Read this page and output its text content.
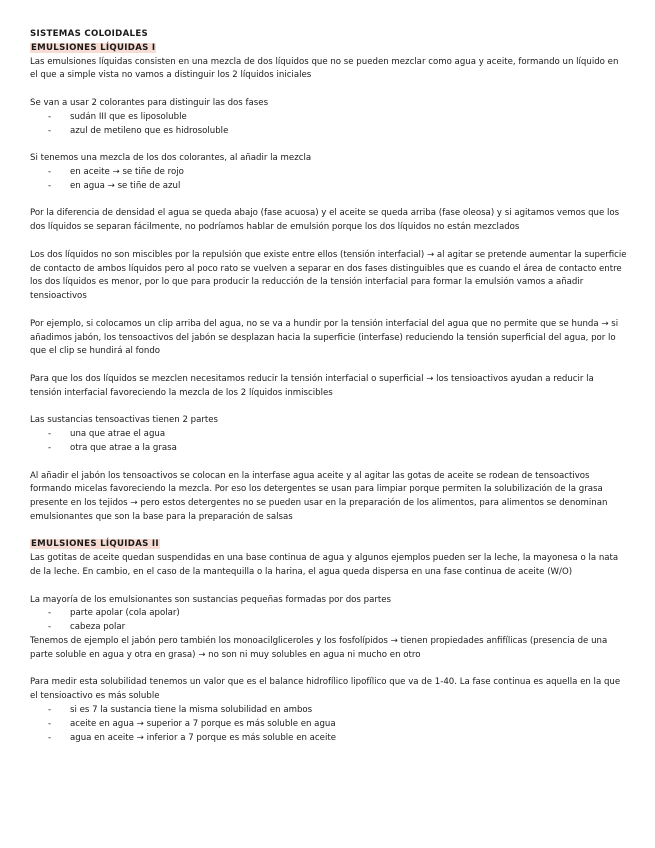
SISTEMAS COLOIDALES

EMULSIONES LÍQUIDAS I

Las emulsiones líquidas consisten en una mezcla de dos líquidos que no se pueden mezclar como agua y aceite, formando un líquido en el que a simple vista no vamos a distinguir los 2 líquidos iniciales

Se van a usar 2 colorantes para distinguir las dos fases

- sudán III que es liposoluble
- azul de metileno que es hidrosoluble

Si tenemos una mezcla de los dos colorantes, al añadir la mezcla

- en aceite → se tiñe de rojo
- en agua → se tiñe de azul

Por la diferencia de densidad el agua se queda abajo (fase acuosa) y el aceite se queda arriba (fase oleosa) y si agitamos vemos que los dos líquidos se separan fácilmente, no podríamos hablar de emulsión porque los dos líquidos no están mezclados

Los dos líquidos no son miscibles por la repulsión que existe entre ellos (tensión interfacial) → al agitar se pretende aumentar la superficie de contacto de ambos líquidos pero al poco rato se vuelven a separar en dos fases distinguibles que es cuando el área de contacto entre los dos líquidos es menor, por lo que para producir la reducción de la tensión interfacial para formar la emulsión vamos a añadir tensioactivos

Por ejemplo, si colocamos un clip arriba del agua, no se va a hundir por la tensión interfacial del agua que no permite que se hunda → si añadimos jabón, los tensoactivos del jabón se desplazan hacia la superficie (interfase) reduciendo la tensión superficial del agua, por lo que el clip se hundirá al fondo

Para que los dos líquidos se mezclen necesitamos reducir la tensión interfacial o superficial → los tensioactivos ayudan a reducir la tensión interfacial favoreciendo la mezcla de los 2 líquidos inmiscibles

Las sustancias tensoactivas tienen 2 partes

- una que atrae el agua
- otra que atrae a la grasa

Al añadir el jabón los tensoactivos se colocan en la interfase agua aceite y al agitar las gotas de aceite se rodean de tensoactivos formando micelas favoreciendo la mezcla. Por eso los detergentes se usan para limpiar porque permiten la solubilización de la grasa presente en los tejidos → pero estos detergentes no se pueden usar en la preparación de los alimentos, para alimentos se denominan emulsionantes que son la base para la preparación de salsas

EMULSIONES LÍQUIDAS II

Las gotitas de aceite quedan suspendidas en una base continua de agua y algunos ejemplos pueden ser la leche, la mayonesa o la nata de la leche. En cambio, en el caso de la mantequilla o la harina, el agua queda dispersa en una fase continua de aceite (W/O)

La mayoría de los emulsionantes son sustancias pequeñas formadas por dos partes

- parte apolar (cola apolar)
- cabeza polar

Tenemos de ejemplo el jabón pero también los monoacilgliceroles y los fosfolípidos → tienen propiedades anfifílicas (presencia de una parte soluble en agua y otra en grasa) → no son ni muy solubles en agua ni mucho en otro

Para medir esta solubilidad tenemos un valor que es el balance hidrofílico lipofílico que va de 1-40. La fase continua es aquella en la que el tensioactivo es más soluble

- si es 7 la sustancia tiene la misma solubilidad en ambos
- aceite en agua → superior a 7 porque es más soluble en agua
- agua en aceite → inferior a 7 porque es más soluble en aceite
